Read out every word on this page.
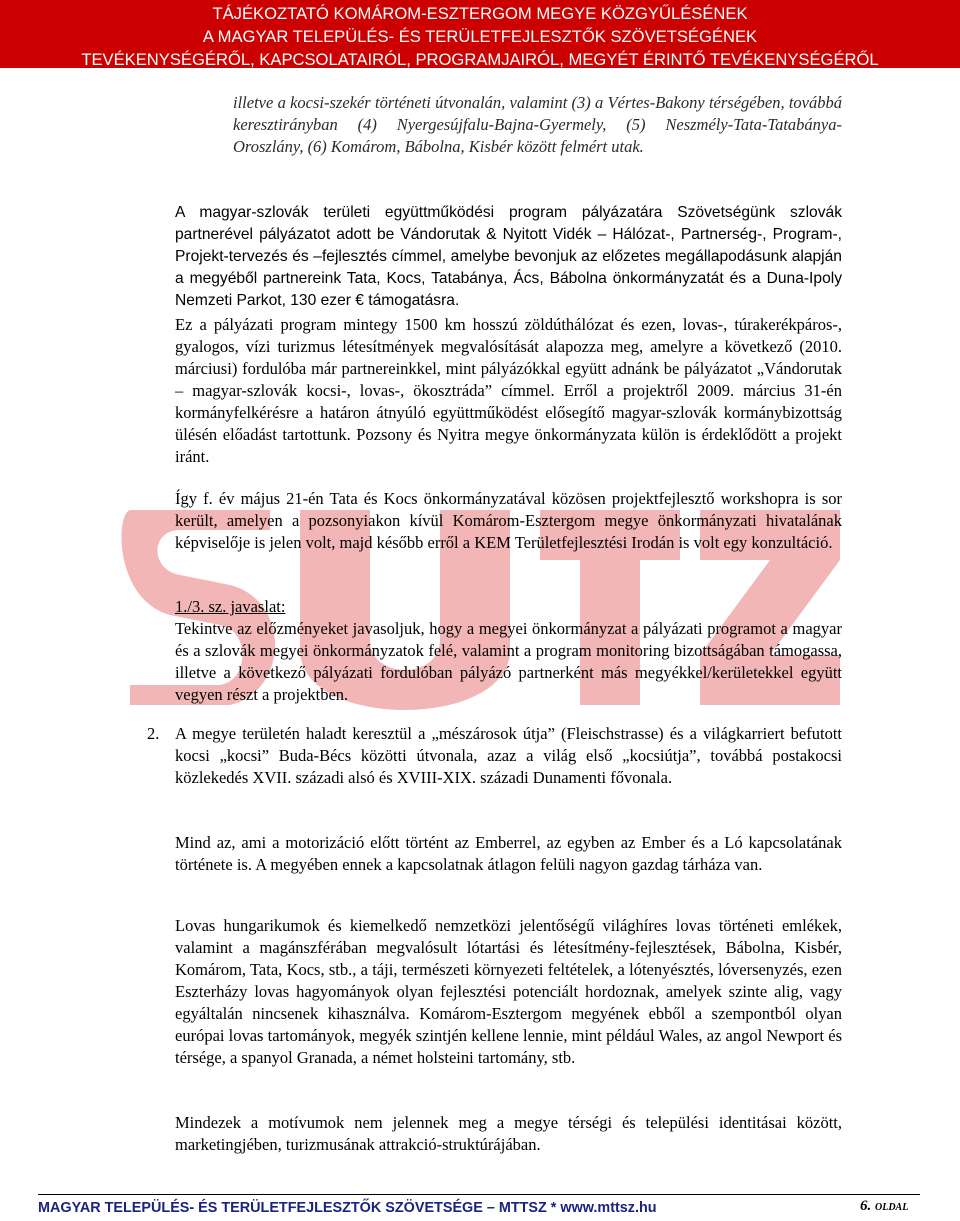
TÁJÉKOZTATÓ KOMÁROM-ESZTERGOM MEGYE KÖZGYŰLÉSÉNEK
A MAGYAR TELEPÜLÉS- ÉS TERÜLETFEJLESZTŐK SZÖVETSÉGÉNEK
TEVÉKENYSÉGÉRŐL, KAPCSOLATAIRÓL, PROGRAMJAIRÓL, MEGYÉT ÉRINTŐ TEVÉKENYSÉGÉRŐL

illetve a kocsi-szekér történeti útvonalán, valamint (3) a Vértes-Bakony térségében, továbbá keresztirányban (4) Nyergesújfalu-Bajna-Gyermely, (5) Neszmély-Tata-Tatabánya-Oroszlány, (6) Komárom, Bábolna, Kisbér között felmért utak.

A magyar-szlovák területi együttműködési program pályázatára Szövetségünk szlovák partnerével pályázatot adott be Vándorutak & Nyitott Vidék – Hálózat-, Partnerség-, Program-, Projekt-tervezés és –fejlesztés címmel, amelybe bevonjuk az előzetes megállapodásunk alapján a megyéből partnereink Tata, Kocs, Tatabánya, Ács, Bábolna önkormányzatát és a Duna-Ipoly Nemzeti Parkot, 130 ezer € támogatásra.

Ez a pályázati program mintegy 1500 km hosszú zöldúthálózat és ezen, lovas-, túrakerékpáros-, gyalogos, vízi turizmus létesítmények megvalósítását alapozza meg, amelyre a következő (2010. márciusi) fordulóba már partnereinkkel, mint pályázókkal együtt adnánk be pályázatot „Vándorutak – magyar-szlovák kocsi-, lovas-, ökosztráda” címmel. Erről a projektről 2009. március 31-én kormányfelkérésre a határon átnyúló együttműködést elősegítő magyar-szlovák kormánybizottság ülésén előadást tartottunk. Pozsony és Nyitra megye önkormányzata külön is érdeklődött a projekt iránt.

Így f. év május 21-én Tata és Kocs önkormányzatával közösen projektfejlesztő workshopra is sor került, amelyen a pozsonyiakon kívül Komárom-Esztergom megye önkormányzati hivatalának képviselője is jelen volt, majd később erről a KEM Területfejlesztési Irodán is volt egy konzultáció.

1./3. sz. javaslat:

Tekintve az előzményeket javasoljuk, hogy a megyei önkormányzat a pályázati programot a magyar és a szlovák megyei önkormányzatok felé, valamint a program monitoring bizottságában támogassa, illetve a következő pályázati fordulóban pályázó partnerként más megyékkel/kerületekkel együtt vegyen részt a projektben.

2. A megye területén haladt keresztül a „mészárosok útja” (Fleischstrasse) és a világkarriert befutott kocsi „kocsi” Buda-Bécs közötti útvonala, azaz a világ első „kocsiútja”, továbbá postakocsi közlekedés XVII. századi alsó és XVIII-XIX. századi Dunamenti fővonala.

Mind az, ami a motorizáció előtt történt az Emberrel, az egyben az Ember és a Ló kapcsolatának története is. A megyében ennek a kapcsolatnak átlagon felüli nagyon gazdag tárháza van.

Lovas hungarikumok és kiemelkedő nemzetközi jelentőségű világhíres lovas történeti emlékek, valamint a magánszférában megvalósult lótartási és létesítmény-fejlesztések, Bábolna, Kisbér, Komárom, Tata, Kocs, stb., a táji, természeti környezeti feltételek, a lótenyésztés, lóversenyzés, ezen Eszterházy lovas hagyományok olyan fejlesztési potenciált hordoznak, amelyek szinte alig, vagy egyáltalán nincsenek kihasználva. Komárom-Esztergom megyének ebből a szempontból olyan európai lovas tartományok, megyék szintjén kellene lennie, mint például Wales, az angol Newport és térsége, a spanyol Granada, a német holsteini tartomány, stb.

Mindezek a motívumok nem jelennek meg a megye térségi és települési identitásai között, marketingjében, turizmusának attrakció-struktúrájában.

MAGYAR TELEPÜLÉS- ÉS TERÜLETFEJLESZTŐK SZÖVETSÉGE – MTTSZ * www.mttsz.hu	6. OLDAL
